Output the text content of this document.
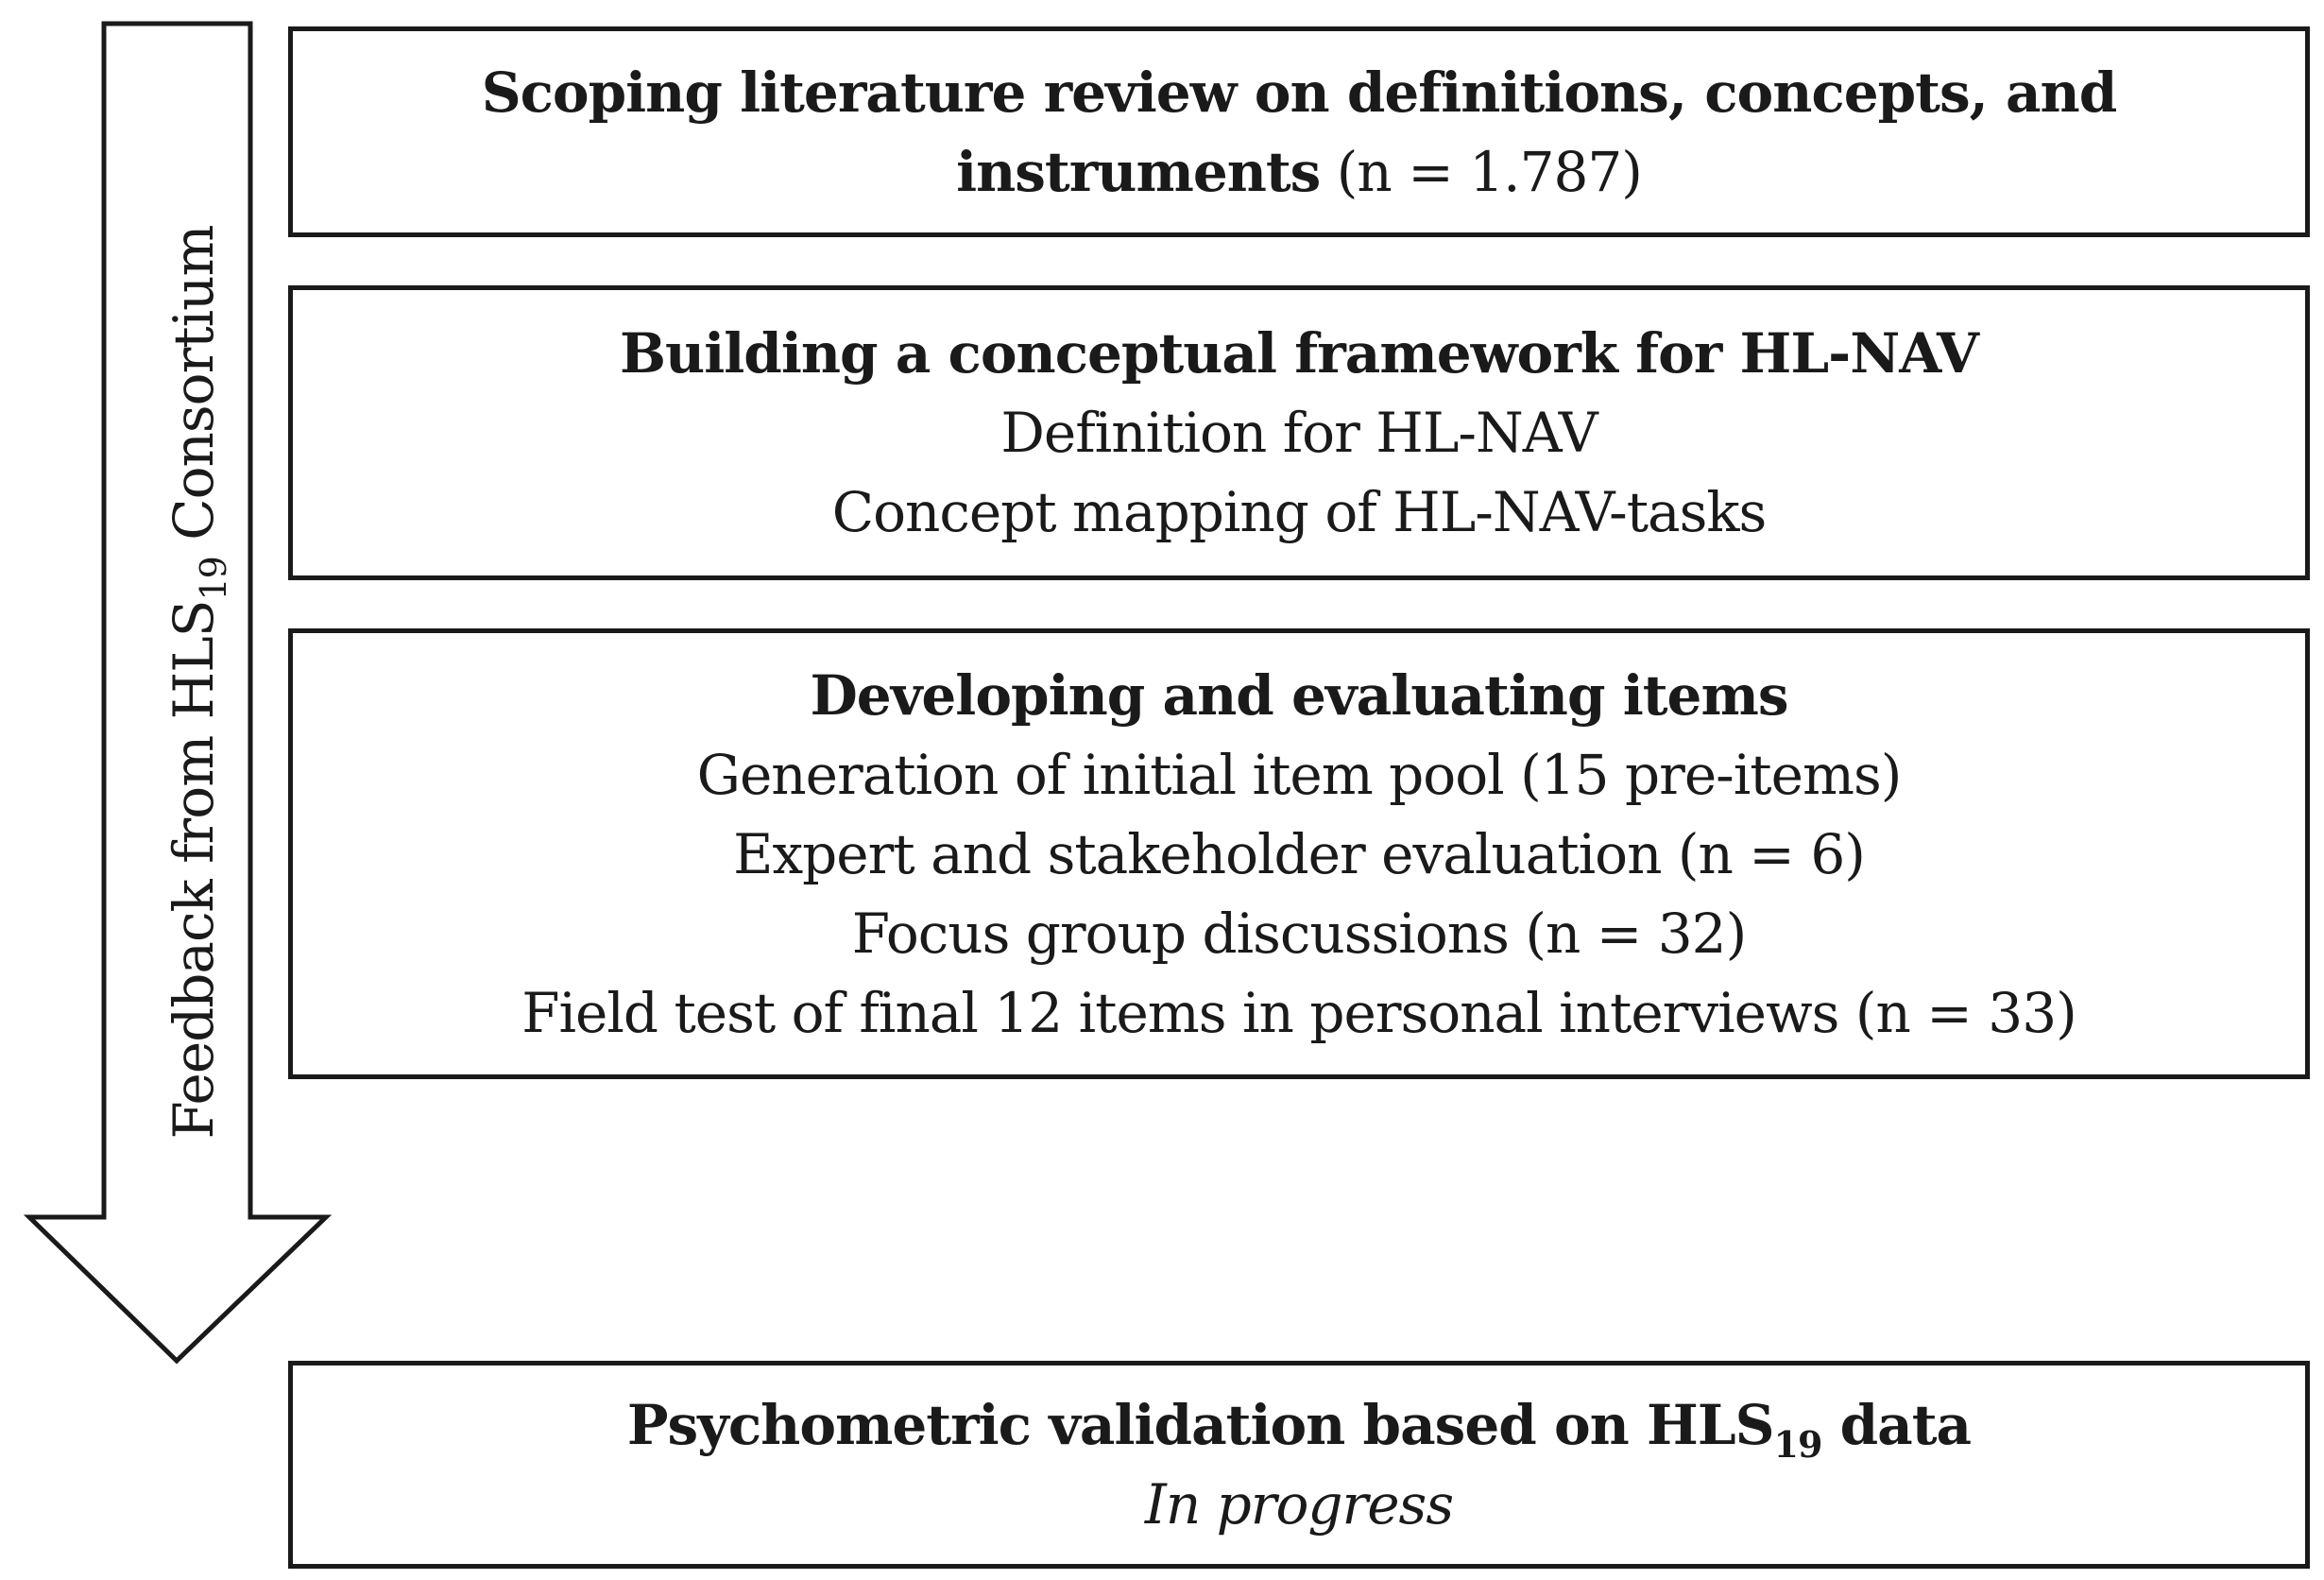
Feedback from $HLS_{19}$ Consortium
Scoping literature review on definitions, concepts, and
instruments (n = 1.787)
Building a conceptual framework for HL-NAV
Definition for HL-NAV
Concept mapping of HL-NAV-tasks
Developing and evaluating items
Generation of initial item pool (15 pre-items)
Expert and stakeholder evaluation (n = 6)
Focus group discussions (n = 32)
Field test of final 12 items in personal interviews (n = 33)
Psychometric validation based on $HLS_{19}$ data
In progress
